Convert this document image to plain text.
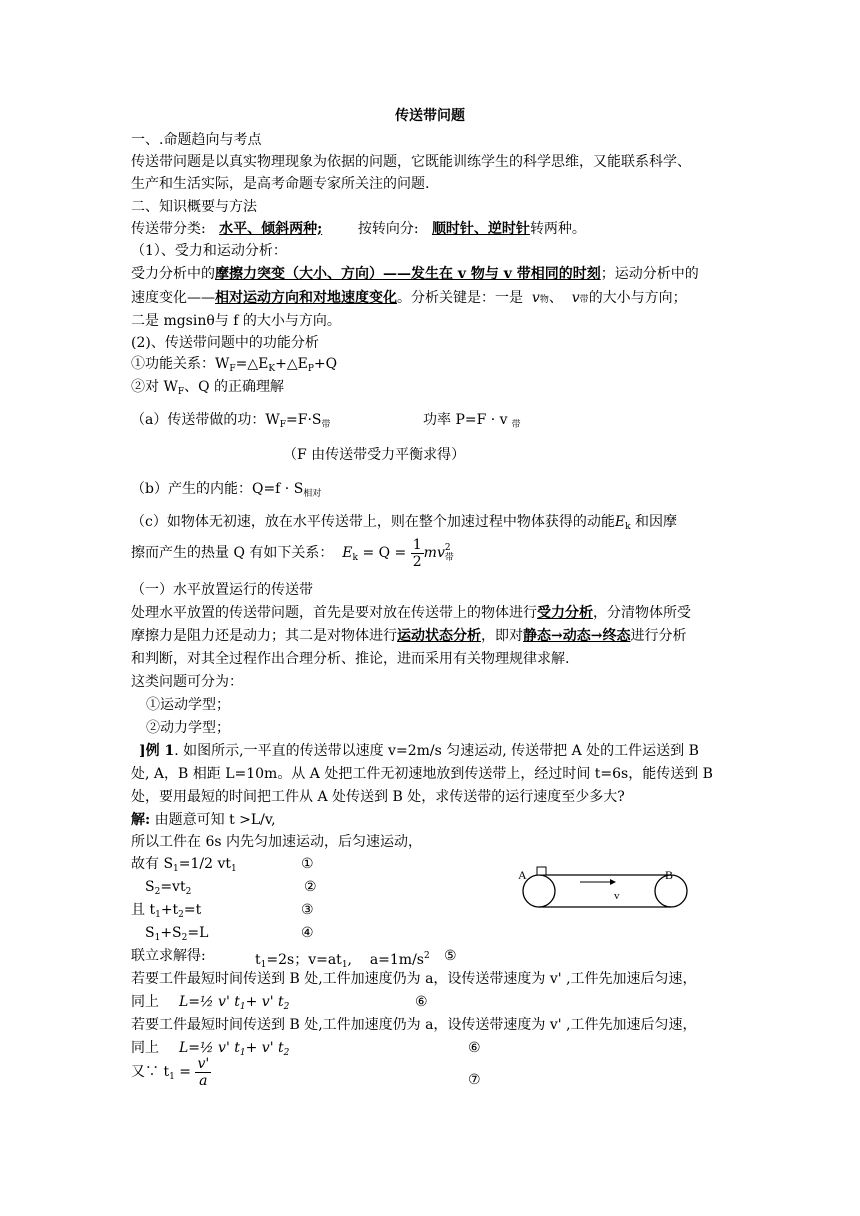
传送带问题
一、.命题趋向与考点
传送带问题是以真实物理现象为依据的问题，它既能训练学生的科学思维，又能联系科学、
生产和生活实际，是高考命题专家所关注的问题.
二、知识概要与方法
传送带分类: 水平、倾斜两种;	按转向分: 顺时针、逆时针转两种。
（1）、受力和运动分析：
受力分析中的摩擦力突变（大小、方向）——发生在 v 物与 v 带相同的时刻；运动分析中的
速度变化——相对运动方向和对地速度变化。分析关键是：一是 v物、  v带的大小与方向；
二是 mgsinθ与 f 的大小与方向。
(2)、传送带问题中的功能分析
①功能关系：$W_F=\triangle E_K+\triangle E_P+Q$
②对 $W_F$、Q 的正确理解
（a）传送带做的功：$W_F=F\cdot S_带$	功率 P=F · v $_带$
（F 由传送带受力平衡求得）
（b）产生的内能：$Q=f \cdot S_{相对}$
（c）如物体无初速，放在水平传送带上，则在整个加速过程中物体获得的动能$E_k$ 和因摩
擦而产生的热量 Q 有如下关系： $E_k = Q = \frac{1}{2}$ mv 2
带
（一）水平放置运行的传送带
处理水平放置的传送带问题，首先是要对放在传送带上的物体进行受力分析，分清物体所受
摩擦力是阻力还是动力；其二是对物体进行运动状态分析，即对静态→动态→终态进行分析
和判断，对其全过程作出合理分析、推论，进而采用有关物理规律求解.
这类问题可分为：
①运动学型；
②动力学型；
]例 1. 如图所示,一平直的传送带以速度 v=2m/s 匀速运动, 传送带把 A 处的工件运送到 B
处, A，B 相距 L=10m。从 A 处把工件无初速地放到传送带上，经过时间 t=6s，能传送到 B
处，要用最短的时间把工件从 A 处传送到 B 处，求传送带的运行速度至少多大?
解: 由题意可知 t >L/v,
所以工件在 6s 内先匀加速运动，后匀速运动，
故有 $S_1=1/2$ $vt_1$	①
$S_2=vt_2$	②
且 $t_1+t_2=t$	③
$S_1+S_2=L$	④
联立求解得:	$t_1=2s$；$v=at_1$, $a=1m/s^2$ ⑤
若要工件最短时间传送到 B 处,工件加速度仍为 a，设传送带速度为 v' ,工件先加速后匀速，
同上 L=½ v' $t_1+ v'$ $t_2$	⑥
若要工件最短时间传送到 B 处,工件加速度仍为 a，设传送带速度为 v' ,工件先加速后匀速，
同上 L=½ v' $t_1+ v'$ $t_2$	⑥
又∵ $t_1 = \frac{v'}{a}$	⑦
A	B
v
